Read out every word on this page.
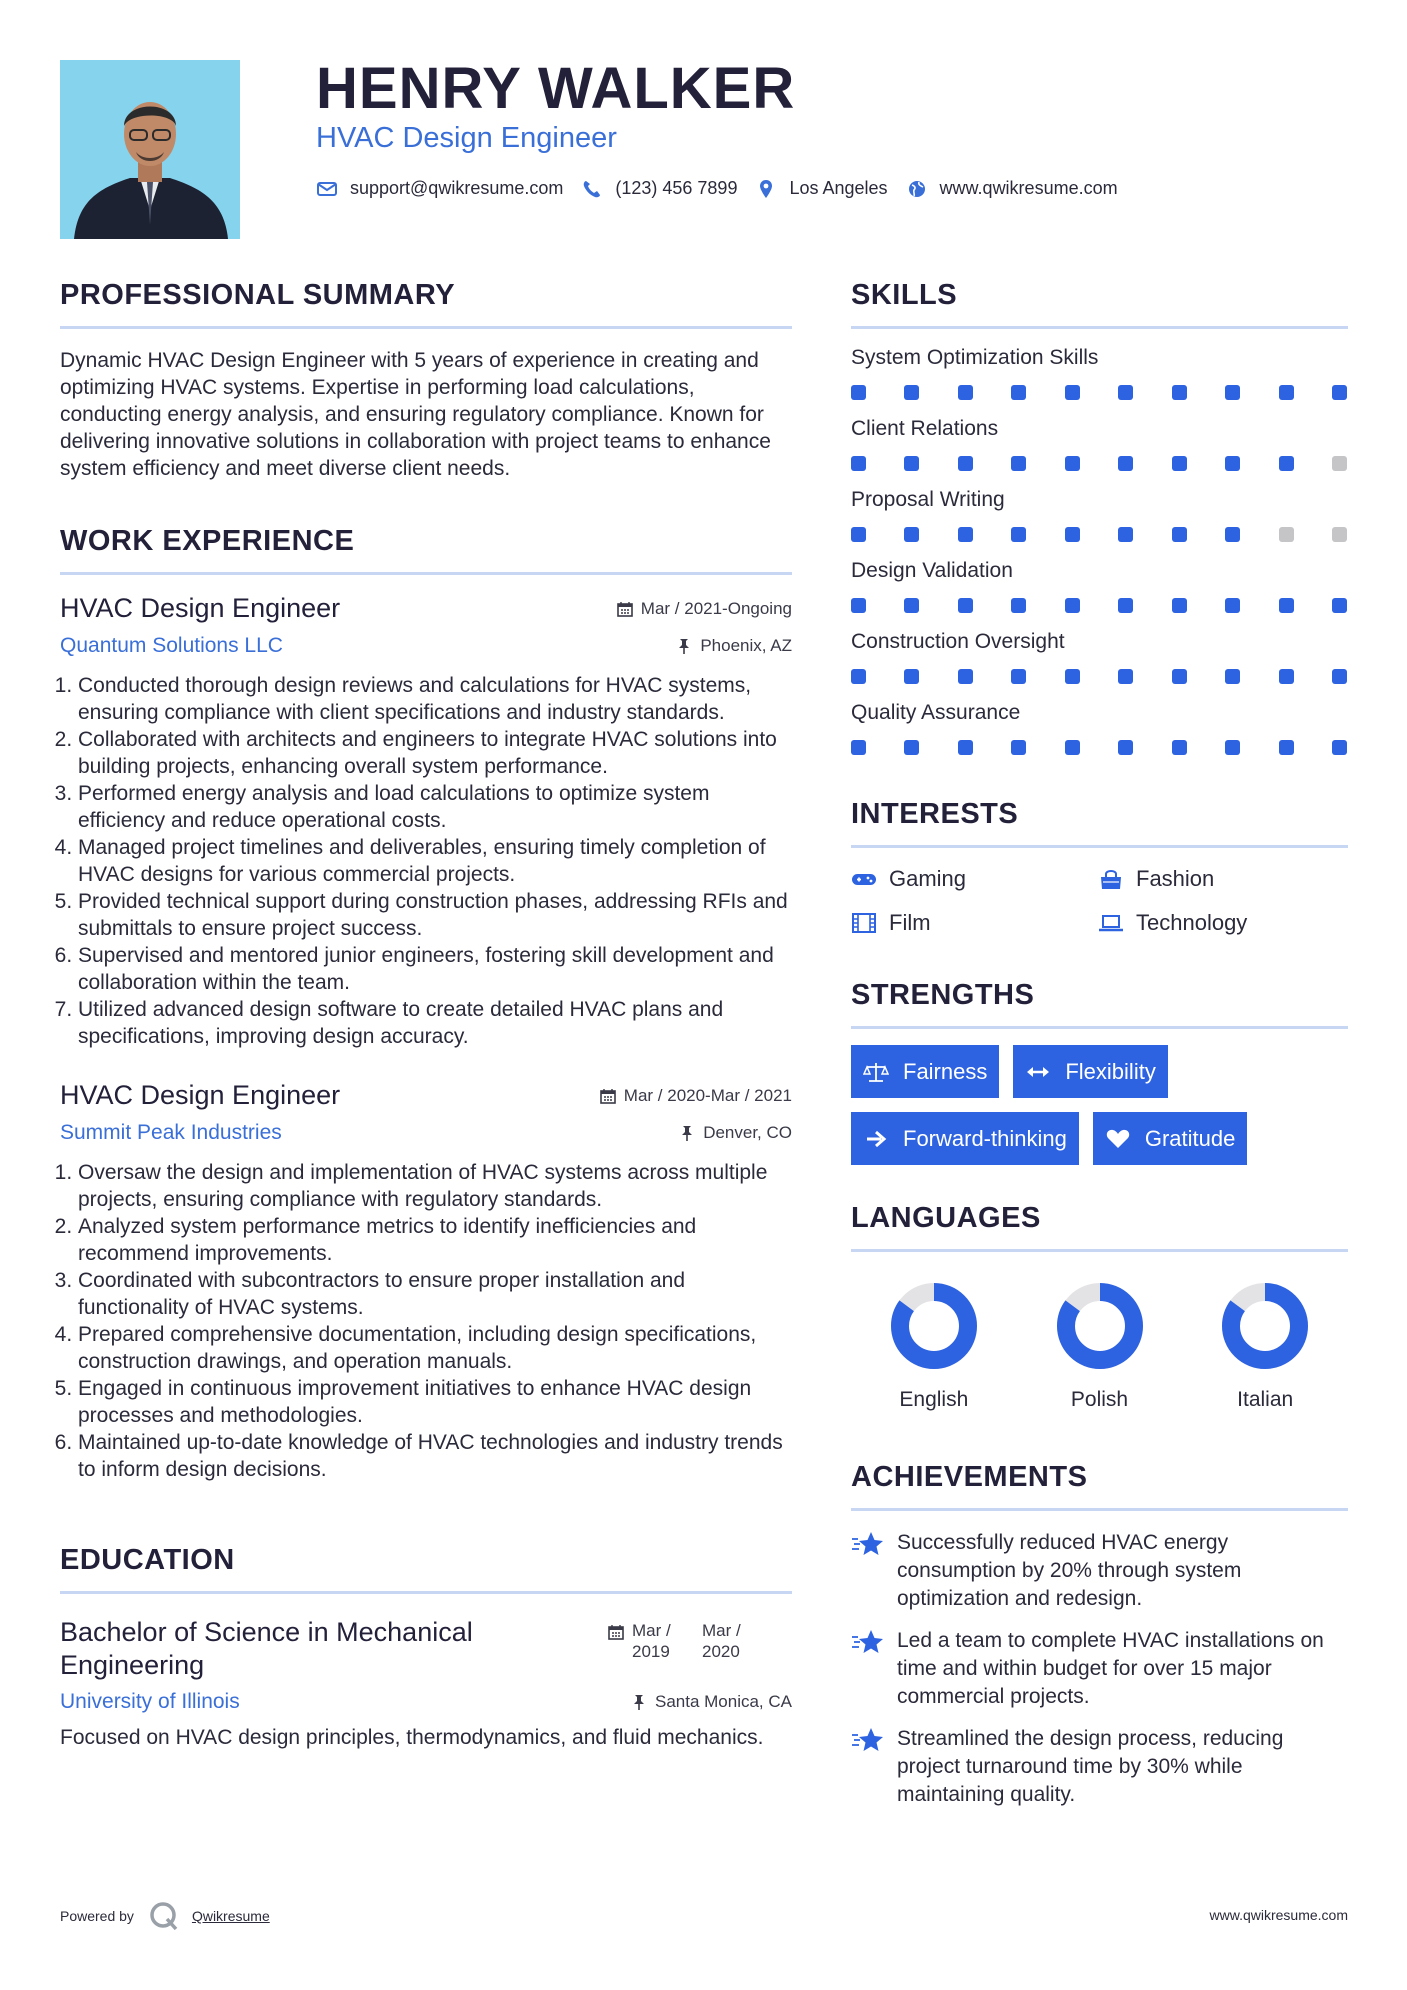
HENRY WALKER
HVAC Design Engineer
support@qwikresume.com	(123) 456 7899	Los Angeles	www.qwikresume.com
PROFESSIONAL SUMMARY

Dynamic HVAC Design Engineer with 5 years of experience in creating and optimizing HVAC systems. Expertise in performing load calculations, conducting energy analysis, and ensuring regulatory compliance. Known for delivering innovative solutions in collaboration with project teams to enhance system efficiency and meet diverse client needs.

WORK EXPERIENCE
HVAC Design Engineer	Mar / 2021-Ongoing
Quantum Solutions LLC	Phoenix, AZ
1. Conducted thorough design reviews and calculations for HVAC systems, ensuring compliance with client specifications and industry standards.
2. Collaborated with architects and engineers to integrate HVAC solutions into building projects, enhancing overall system performance.
3. Performed energy analysis and load calculations to optimize system efficiency and reduce operational costs.
4. Managed project timelines and deliverables, ensuring timely completion of HVAC designs for various commercial projects.
5. Provided technical support during construction phases, addressing RFIs and submittals to ensure project success.
6. Supervised and mentored junior engineers, fostering skill development and collaboration within the team.
7. Utilized advanced design software to create detailed HVAC plans and specifications, improving design accuracy.
HVAC Design Engineer	Mar / 2020-Mar / 2021
Summit Peak Industries	Denver, CO
1. Oversaw the design and implementation of HVAC systems across multiple projects, ensuring compliance with regulatory standards.
2. Analyzed system performance metrics to identify inefficiencies and recommend improvements.
3. Coordinated with subcontractors to ensure proper installation and functionality of HVAC systems.
4. Prepared comprehensive documentation, including design specifications, construction drawings, and operation manuals.
5. Engaged in continuous improvement initiatives to enhance HVAC design processes and methodologies.
6. Maintained up-to-date knowledge of HVAC technologies and industry trends to inform design decisions.
EDUCATION
Bachelor of Science in Mechanical Engineering
Mar / 2019
Mar / 2020
University of Illinois	Santa Monica, CA

Focused on HVAC design principles, thermodynamics, and fluid mechanics.

SKILLS
System Optimization Skills
Client Relations
Proposal Writing
Design Validation
Construction Oversight
Quality Assurance
INTERESTS
Gaming	Fashion
Film	Technology
STRENGTHS
Fairness	Flexibility
Forward-thinking	Gratitude
LANGUAGES
English	Polish	Italian
ACHIEVEMENTS
Successfully reduced HVAC energy consumption by 20% through system optimization and redesign.
Led a team to complete HVAC installations on time and within budget for over 15 major commercial projects.
Streamlined the design process, reducing project turnaround time by 30% while maintaining quality.
Powered by	Qwikresume	www.qwikresume.com
